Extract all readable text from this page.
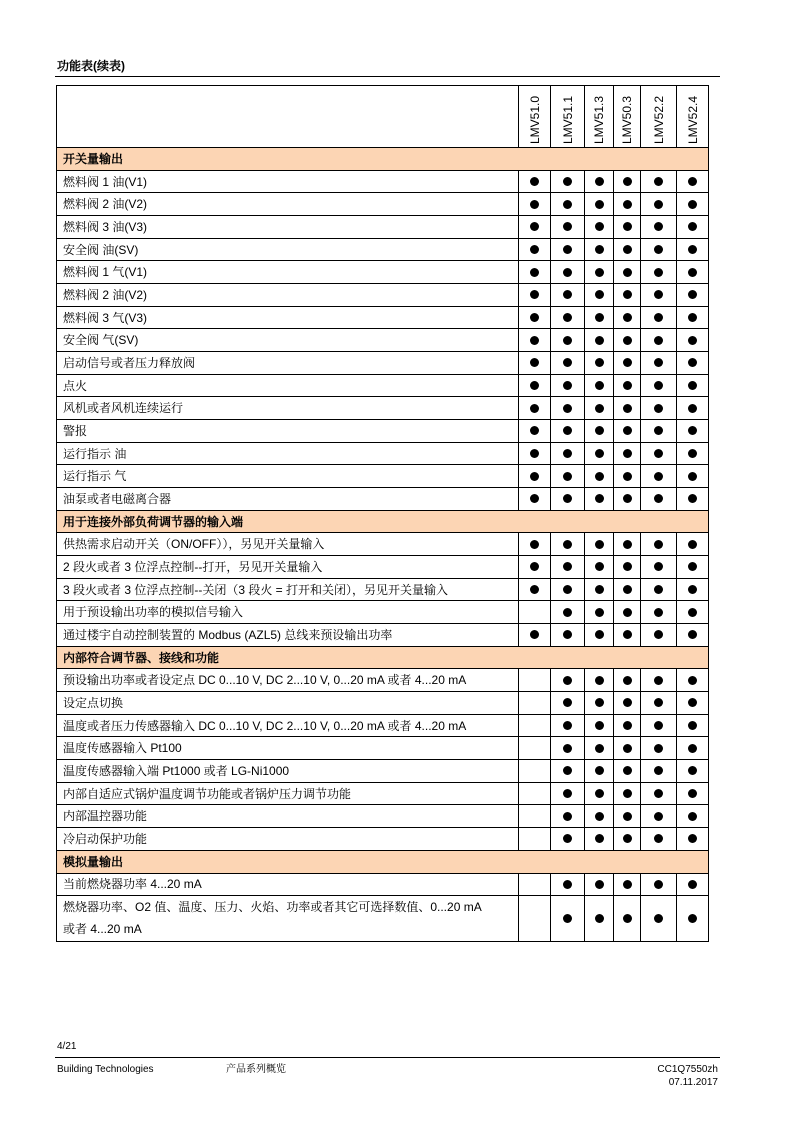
功能表(续表)
LMV51.0 LMV51.1 LMV51.3 LMV50.3 LMV52.2 LMV52.4
开关量输出
燃料阀 1 油(V1)
燃料阀 2 油(V2)
燃料阀 3 油(V3)
安全阀 油(SV)
燃料阀 1 气(V1)
燃料阀 2 油(V2)
燃料阀 3 气(V3)
安全阀 气(SV)
启动信号或者压力释放阀
点火
风机或者风机连续运行
警报
运行指示 油
运行指示 气
油泵或者电磁离合器
用于连接外部负荷调节器的输入端
供热需求启动开关（ON/OFF）），另见开关量输入
2 段火或者 3 位浮点控制--打开，另见开关量输入
3 段火或者 3 位浮点控制--关闭（3 段火 = 打开和关闭），另见开关量输入
用于预设输出功率的模拟信号输入
通过楼宇自动控制装置的 Modbus (AZL5) 总线来预设输出功率
内部符合调节器、接线和功能
预设输出功率或者设定点 DC 0...10 V, DC 2...10 V, 0...20 mA 或者 4...20 mA
设定点切换
温度或者压力传感器输入 DC 0...10 V, DC 2...10 V, 0...20 mA 或者 4...20 mA
温度传感器输入 Pt100
温度传感器输入端 Pt1000 或者 LG-Ni1000
内部自适应式锅炉温度调节功能或者锅炉压力调节功能
内部温控器功能
冷启动保护功能
模拟量输出
当前燃烧器功率 4...20 mA
燃烧器功率、O2 值、温度、压力、火焰、功率或者其它可选择数值、0...20 mA
或者 4...20 mA
4/21
Building Technologies	产品系列概览	CC1Q7550zh
07.11.2017
